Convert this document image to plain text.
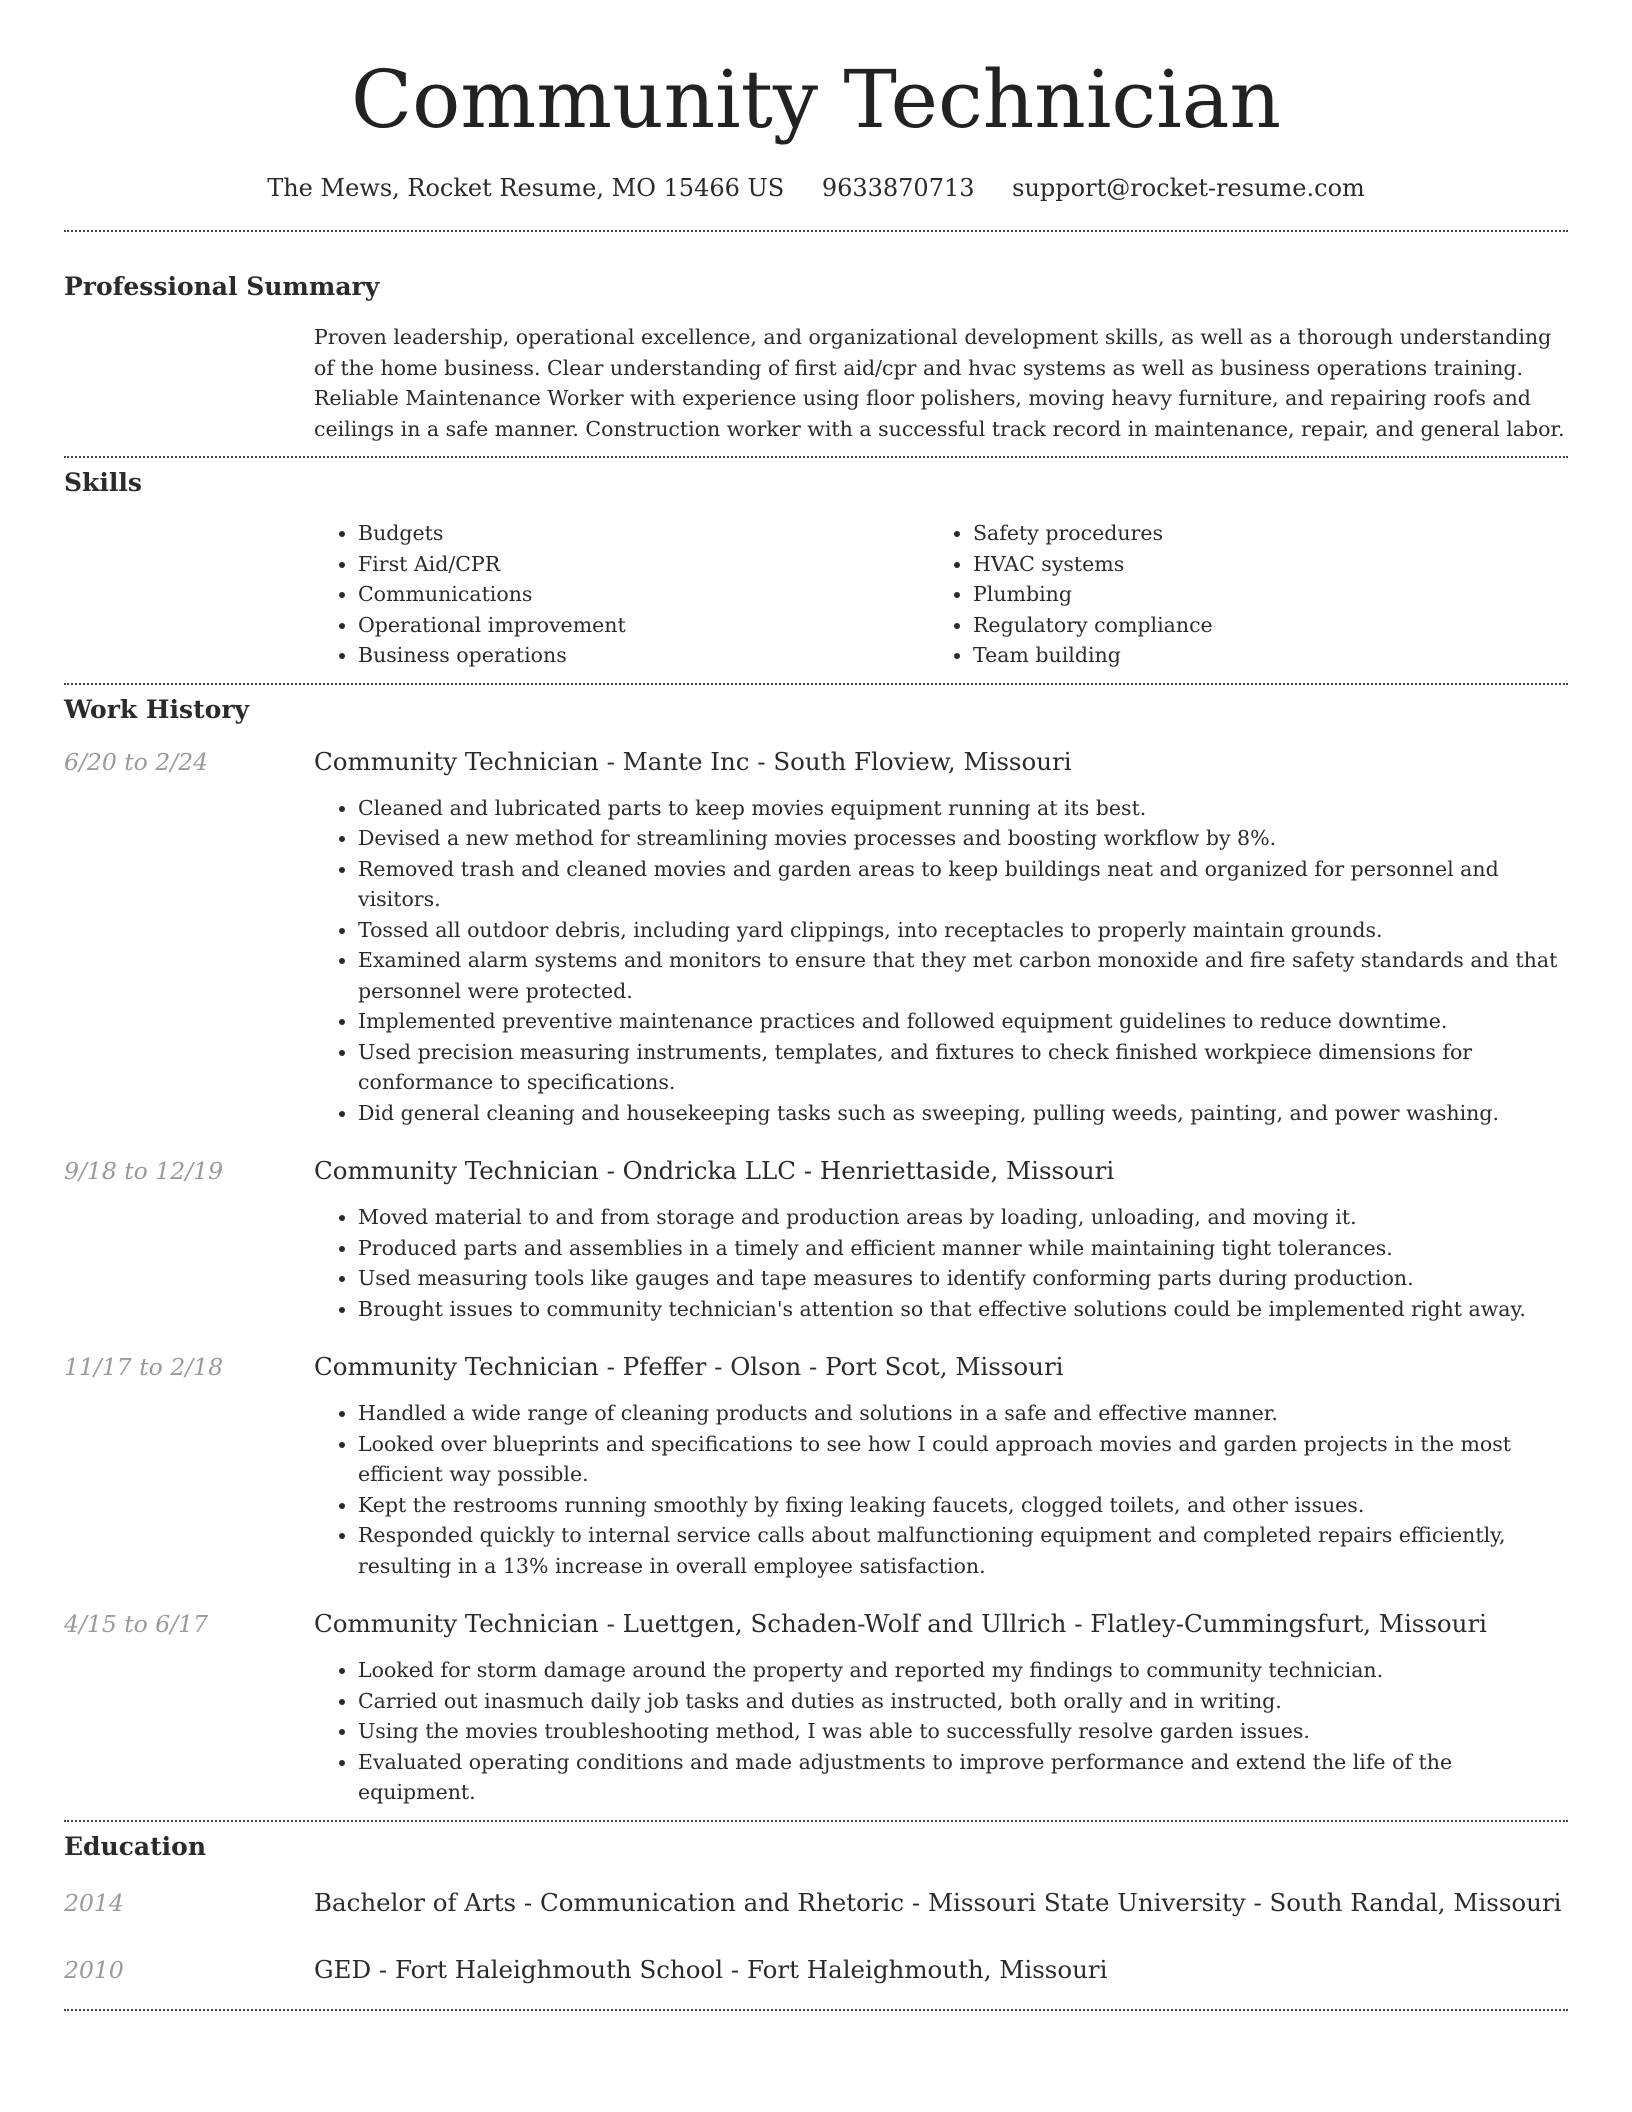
Community Technician
The Mews, Rocket Resume, MO 15466 US 9633870713 support@rocket-resume.com
Professional Summary
Proven leadership, operational excellence, and organizational development skills, as well as a thorough understanding of the home business. Clear understanding of first aid/cpr and hvac systems as well as business operations training. Reliable Maintenance Worker with experience using floor polishers, moving heavy furniture, and repairing roofs and ceilings in a safe manner. Construction worker with a successful track record in maintenance, repair, and general labor.
Skills
• Budgets
• First Aid/CPR
• Communications
• Operational improvement
• Business operations
• Safety procedures
• HVAC systems
• Plumbing
• Regulatory compliance
• Team building
Work History
6/20 to 2/24	Community Technician - Mante Inc - South Floview, Missouri
• Cleaned and lubricated parts to keep movies equipment running at its best.
• Devised a new method for streamlining movies processes and boosting workflow by 8%.
• Removed trash and cleaned movies and garden areas to keep buildings neat and organized for personnel and visitors.
• Tossed all outdoor debris, including yard clippings, into receptacles to properly maintain grounds.
• Examined alarm systems and monitors to ensure that they met carbon monoxide and fire safety standards and that personnel were protected.
• Implemented preventive maintenance practices and followed equipment guidelines to reduce downtime.
• Used precision measuring instruments, templates, and fixtures to check finished workpiece dimensions for conformance to specifications.
• Did general cleaning and housekeeping tasks such as sweeping, pulling weeds, painting, and power washing.
9/18 to 12/19	Community Technician - Ondricka LLC - Henriettaside, Missouri
• Moved material to and from storage and production areas by loading, unloading, and moving it.
• Produced parts and assemblies in a timely and efficient manner while maintaining tight tolerances.
• Used measuring tools like gauges and tape measures to identify conforming parts during production.
• Brought issues to community technician's attention so that effective solutions could be implemented right away.
11/17 to 2/18	Community Technician - Pfeffer - Olson - Port Scot, Missouri
• Handled a wide range of cleaning products and solutions in a safe and effective manner.
• Looked over blueprints and specifications to see how I could approach movies and garden projects in the most efficient way possible.
• Kept the restrooms running smoothly by fixing leaking faucets, clogged toilets, and other issues.
• Responded quickly to internal service calls about malfunctioning equipment and completed repairs efficiently, resulting in a 13% increase in overall employee satisfaction.
4/15 to 6/17	Community Technician - Luettgen, Schaden-Wolf and Ullrich - Flatley-Cummingsfurt, Missouri
• Looked for storm damage around the property and reported my findings to community technician.
• Carried out inasmuch daily job tasks and duties as instructed, both orally and in writing.
• Using the movies troubleshooting method, I was able to successfully resolve garden issues.
• Evaluated operating conditions and made adjustments to improve performance and extend the life of the equipment.
Education
2014	Bachelor of Arts - Communication and Rhetoric - Missouri State University - South Randal, Missouri
2010	GED - Fort Haleighmouth School - Fort Haleighmouth, Missouri
